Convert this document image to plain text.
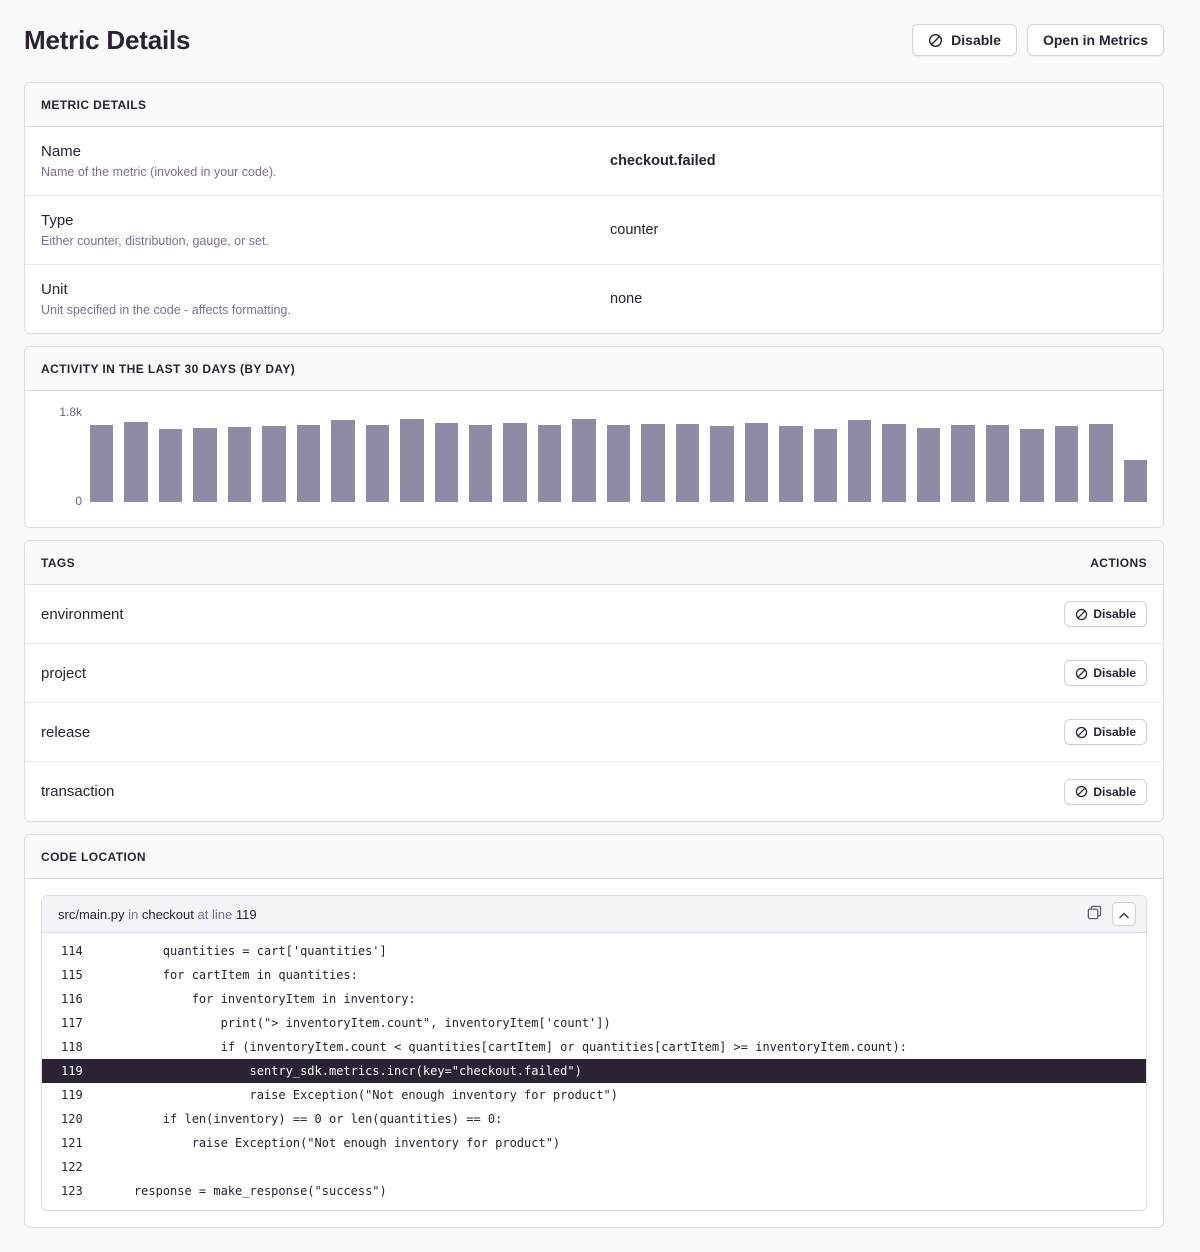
Metric Details	Disable	Open in Metrics
METRIC DETAILS
Name
Name of the metric (invoked in your code).
checkout.failed
Type
Either counter, distribution, gauge, or set.
counter
Unit
Unit specified in the code - affects formatting.
none
ACTIVITY IN THE LAST 30 DAYS (BY DAY)
1.8k
0
TAGS	ACTIONS
environment	Disable
project	Disable
release	Disable
transaction	Disable
CODE LOCATION
src/main.py in checkout at line 119
114	quantities = cart['quantities']
115	for cartItem in quantities:
116	for inventoryItem in inventory:
117	print("> inventoryItem.count", inventoryItem['count'])
118	if (inventoryItem.count < quantities[cartItem] or quantities[cartItem] >= inventoryItem.count):
119	sentry_sdk.metrics.incr(key="checkout.failed")
119	raise Exception("Not enough inventory for product")
120	if len(inventory) == 0 or len(quantities) == 0:
121	raise Exception("Not enough inventory for product")
122
123	response = make_response("success")
